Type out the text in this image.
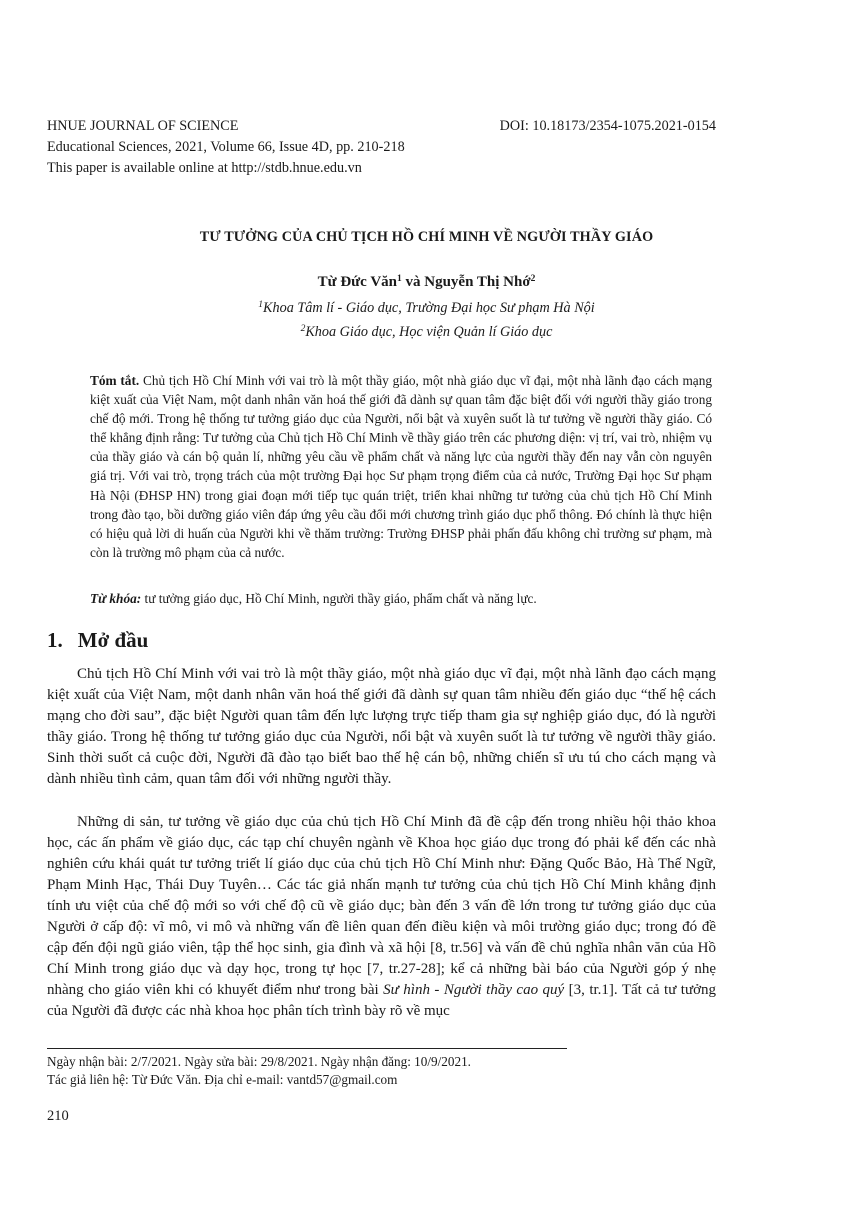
HNUE JOURNAL OF SCIENCE	DOI: 10.18173/2354-1075.2021-0154
Educational Sciences, 2021, Volume 66, Issue 4D, pp. 210-218
This paper is available online at http://stdb.hnue.edu.vn
TƯ TƯỞNG CỦA CHỦ TỊCH HỒ CHÍ MINH VỀ NGƯỜI THẦY GIÁO
Từ Đức Văn$^1$ và Nguyễn Thị Nhớ$^2$
$^1$Khoa Tâm lí - Giáo dục, Trường Đại học Sư phạm Hà Nội
$^2$Khoa Giáo dục, Học viện Quản lí Giáo dục
Tóm tắt. Chủ tịch Hồ Chí Minh với vai trò là một thầy giáo, một nhà giáo dục vĩ đại, một nhà lãnh đạo cách mạng kiệt xuất của Việt Nam, một danh nhân văn hoá thế giới đã dành sự quan tâm đặc biệt đối với người thầy giáo trong chế độ mới. Trong hệ thống tư tưởng giáo dục của Người, nổi bật và xuyên suốt là tư tưởng về người thầy giáo. Có thể khẳng định rằng: Tư tưởng của Chủ tịch Hồ Chí Minh về thầy giáo trên các phương diện: vị trí, vai trò, nhiệm vụ của thầy giáo và cán bộ quản lí, những yêu cầu về phẩm chất và năng lực của người thầy đến nay vẫn còn nguyên giá trị. Với vai trò, trọng trách của một trường Đại học Sư phạm trọng điểm của cả nước, Trường Đại học Sư phạm Hà Nội (ĐHSP HN) trong giai đoạn mới tiếp tục quán triệt, triển khai những tư tưởng của chủ tịch Hồ Chí Minh trong đào tạo, bồi dưỡng giáo viên đáp ứng yêu cầu đổi mới chương trình giáo dục phổ thông. Đó chính là thực hiện có hiệu quả lời di huấn của Người khi về thăm trường: Trường ĐHSP phải phấn đấu không chỉ trường sư phạm, mà còn là trường mô phạm của cả nước.
Từ khóa: tư tưởng giáo dục, Hồ Chí Minh, người thầy giáo, phẩm chất và năng lực.
1. Mở đầu

Chủ tịch Hồ Chí Minh với vai trò là một thầy giáo, một nhà giáo dục vĩ đại, một nhà lãnh đạo cách mạng kiệt xuất của Việt Nam, một danh nhân văn hoá thế giới đã dành sự quan tâm nhiều đến giáo dục “thế hệ cách mạng cho đời sau”, đặc biệt Người quan tâm đến lực lượng trực tiếp tham gia sự nghiệp giáo dục, đó là người thầy giáo. Trong hệ thống tư tưởng giáo dục của Người, nổi bật và xuyên suốt là tư tưởng về người thầy giáo. Sinh thời suốt cả cuộc đời, Người đã đào tạo biết bao thế hệ cán bộ, những chiến sĩ ưu tú cho cách mạng và dành nhiều tình cảm, quan tâm đối với những người thầy.

Những di sản, tư tưởng về giáo dục của chủ tịch Hồ Chí Minh đã đề cập đến trong nhiều hội thảo khoa học, các ấn phẩm về giáo dục, các tạp chí chuyên ngành về Khoa học giáo dục trong đó phải kể đến các nhà nghiên cứu khái quát tư tưởng triết lí giáo dục của chủ tịch Hồ Chí Minh như: Đặng Quốc Bảo, Hà Thế Ngữ, Phạm Minh Hạc, Thái Duy Tuyên… Các tác giả nhấn mạnh tư tưởng của chủ tịch Hồ Chí Minh khẳng định tính ưu việt của chế độ mới so với chế độ cũ về giáo dục; bàn đến 3 vấn đề lớn trong tư tưởng giáo dục của Người ở cấp độ: vĩ mô, vi mô và những vấn đề liên quan đến điều kiện và môi trường giáo dục; trong đó đề cập đến đội ngũ giáo viên, tập thể học sinh, gia đình và xã hội [8, tr.56] và vấn đề chủ nghĩa nhân văn của Hồ Chí Minh trong giáo dục và dạy học, trong tự học [7, tr.27-28]; kể cả những bài báo của Người góp ý nhẹ nhàng cho giáo viên khi có khuyết điểm như trong bài Sư hình - Người thầy cao quý [3, tr.1]. Tất cả tư tưởng của Người đã được các nhà khoa học phân tích trình bày rõ về mục

Ngày nhận bài: 2/7/2021. Ngày sửa bài: 29/8/2021. Ngày nhận đăng: 10/9/2021.
Tác giả liên hệ: Từ Đức Văn. Địa chỉ e-mail: vantd57@gmail.com
210
